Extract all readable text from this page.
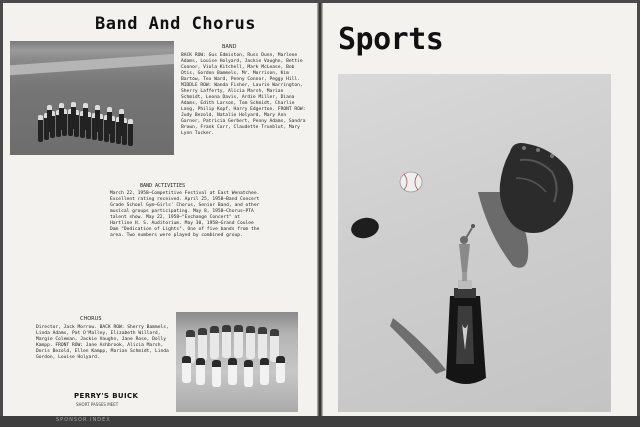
Band And Chorus
BAND
BACK ROW: Gus Edmiston, Russ Dunn, Marlene Adams, Louise Holyard, Jackie Vaughn, Bettie Connor, Viola Kitchell, Mark McLease, Bob Otis, Gordon Bammels, Mr. Morrison, Kim Bartow, Tex Ward, Penny Connor, Peggy Hill. MIDDLE ROW: Wanda Fisher, Laurie Warrington, Sherry Lafferty, Alicia Marsh, Marian Schmidt, Leona Davis, Ardie Miller, Diana Adams, Edith Larson, Tom Schmidt, Charlie Lang, Philip Kopf, Harry Edgerton. FRONT ROW: Judy Bezold, Natalie Holyard, Mary Ann Garner, Patricia Gerbert, Penny Adams, Sandra Brown, Frank Carr, Claudette Trueblut, Mary Lynn Tucker.
BAND ACTIVITIES
March 22, 1958—Competitive Festival at East Wenatchee. Excellent rating received. April 25, 1958—Band Concert Grade School Gym—Girls' Chorus, Senior Band, and other musical groups participating. May 8, 1958—Chorus—PTA talent show. May 22, 1958—"Exchange Concert" at Hartline H. S. Auditorium. May 30, 1958—Grand Coulee Dam "Dedication of Lights". One of five bands from the area. Two numbers were played by combined group.
CHORUS
Director, Jack Morrow. BACK ROW: Sherry Bammels, Linda Adams, Pat O'Malley, Elizabeth Willard, Margie Coleman, Jackie Vaughn, Jane Rose, Dolly Kampp. FRONT ROW: Jane Ashbrook, Alicia Marsh, Doris Bezold, Ellen Kampp, Marian Schmidt, Linda Gordon, Louise Holyard.
PERRY'S BUICK
SHORT PASSES MEET
Sports
SPONSOR INDEX
